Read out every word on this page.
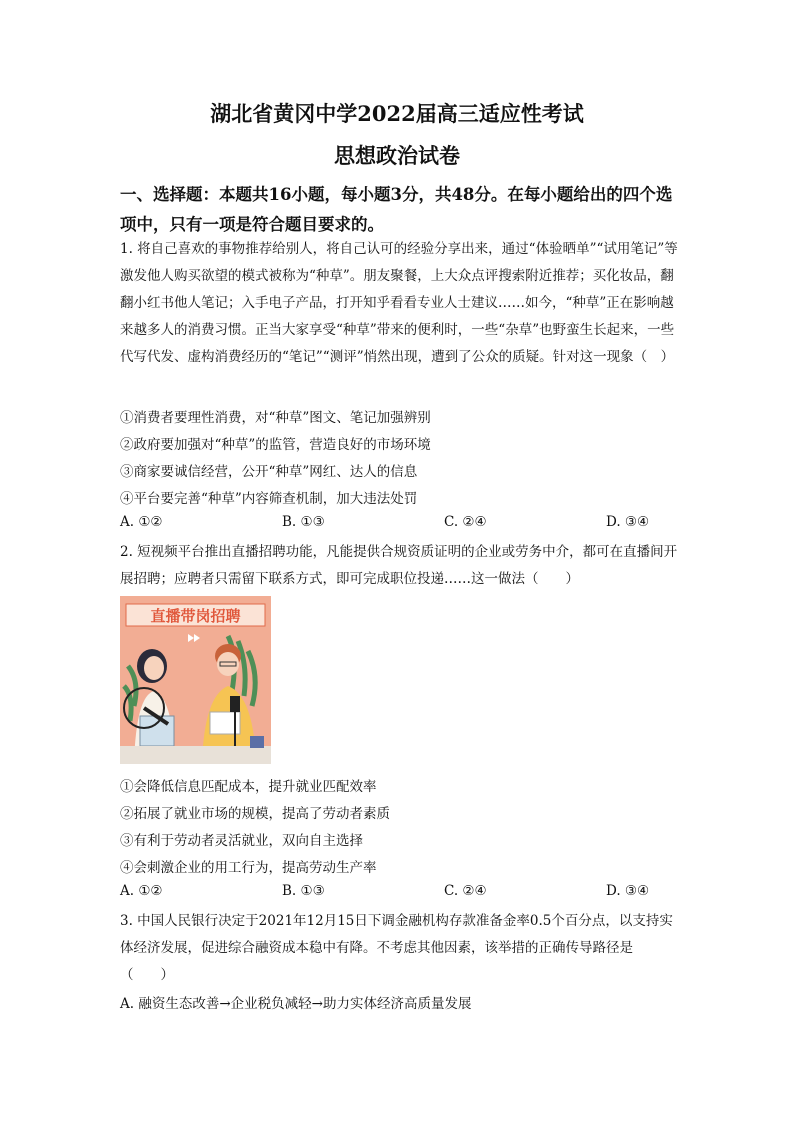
湖北省黄冈中学2022届高三适应性考试
思想政治试卷
一、选择题：本题共16小题，每小题3分，共48分。在每小题给出的四个选项中，只有一项是符合题目要求的。
1. 将自己喜欢的事物推荐给别人，将自己认可的经验分享出来，通过“体验晒单”“试用笔记”等激发他人购买欲望的模式被称为“种草”。朋友聚餐，上大众点评搜索附近推荐；买化妆品，翻翻小红书他人笔记；入手电子产品，打开知乎看看专业人士建议……如今，“种草”正在影响越来越多人的消费习惯。正当大家享受“种草”带来的便利时，一些“杂草”也野蛮生长起来，一些代写代发、虚构消费经历的“笔记”“测评”悄然出现，遭到了公众的质疑。针对这一现象（　）
①消费者要理性消费，对“种草”图文、笔记加强辨别
②政府要加强对“种草”的监管，营造良好的市场环境
③商家要诚信经营，公开“种草”网红、达人的信息
④平台要完善“种草”内容筛查机制，加大违法处罚
A. ①②	B. ①③	C. ②④	D. ③④
2. 短视频平台推出直播招聘功能，凡能提供合规资质证明的企业或劳务中介，都可在直播间开展招聘；应聘者只需留下联系方式，即可完成职位投递……这一做法（　　）
直播带岗招聘
①会降低信息匹配成本，提升就业匹配效率
②拓展了就业市场的规模，提高了劳动者素质
③有利于劳动者灵活就业，双向自主选择
④会刺激企业的用工行为，提高劳动生产率
A. ①②	B. ①③	C. ②④	D. ③④
3. 中国人民银行决定于2021年12月15日下调金融机构存款准备金率0.5个百分点，以支持实体经济发展，促进综合融资成本稳中有降。不考虑其他因素，该举措的正确传导路径是（　　）
A. 融资生态改善→企业税负减轻→助力实体经济高质量发展
